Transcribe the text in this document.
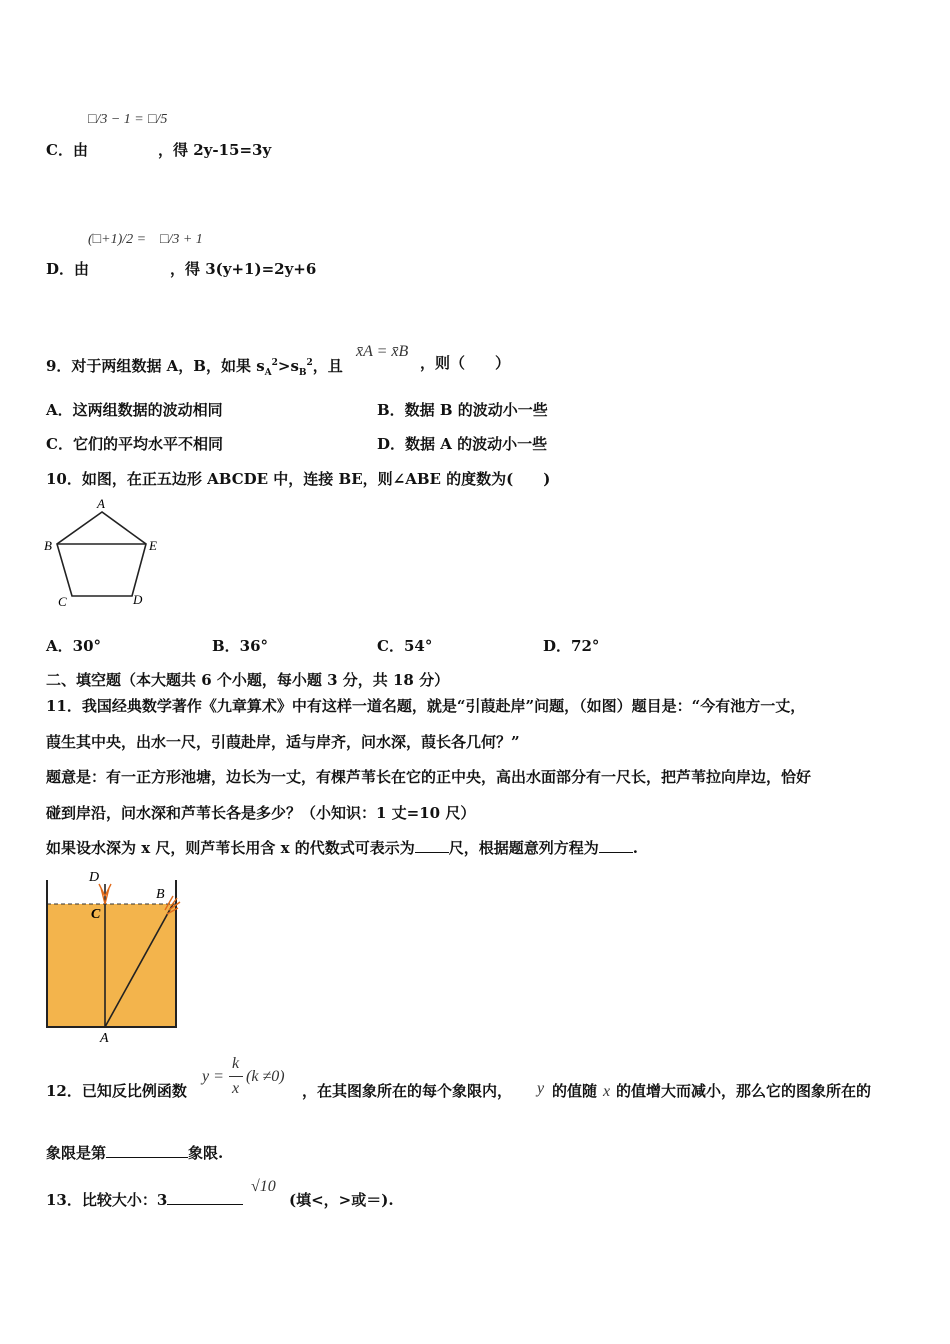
□/3 − 1 = □/5
C．由	，得 2y-15=3y
(□+1)/2 = □/3 + 1
D．由	，得 3(y+1)=2y+6
9．对于两组数据 A，B，如果 $s_A^2>s_B^2$，且
x̄A = x̄B
，则（　　）
A．这两组数据的波动相同	B．数据 B 的波动小一些
C．它们的平均水平不相同	D．数据 A 的波动小一些
10．如图，在正五边形 ABCDE 中，连接 BE，则∠ABE 的度数为(　　)
A
B	E
C	D
A．30°	B．36°	C．54°	D．72°
二、填空题（本大题共 6 个小题，每小题 3 分，共 18 分）
11．我国经典数学著作《九章算术》中有这样一道名题，就是“引葭赴岸”问题，（如图）题目是：“今有池方一丈，
葭生其中央，出水一尺，引葭赴岸，适与岸齐，问水深，葭长各几何？”
题意是：有一正方形池塘，边长为一丈，有棵芦苇长在它的正中央，高出水面部分有一尺长，把芦苇拉向岸边，恰好
碰到岸沿，问水深和芦苇长各是多少？（小知识：1 丈=10 尺）
如果设水深为 x 尺，则芦苇长用含 x 的代数式可表示为 尺，根据题意列方程为 .
D
C
B
A
12．已知反比例函数
y =
k
x
(k ≠0)
，在其图象所在的每个象限内， y 的值随 x 的值增大而减小，那么它的图象所在的
象限是第	象限.
13．比较大小：3
√10
(填<，>或＝).
